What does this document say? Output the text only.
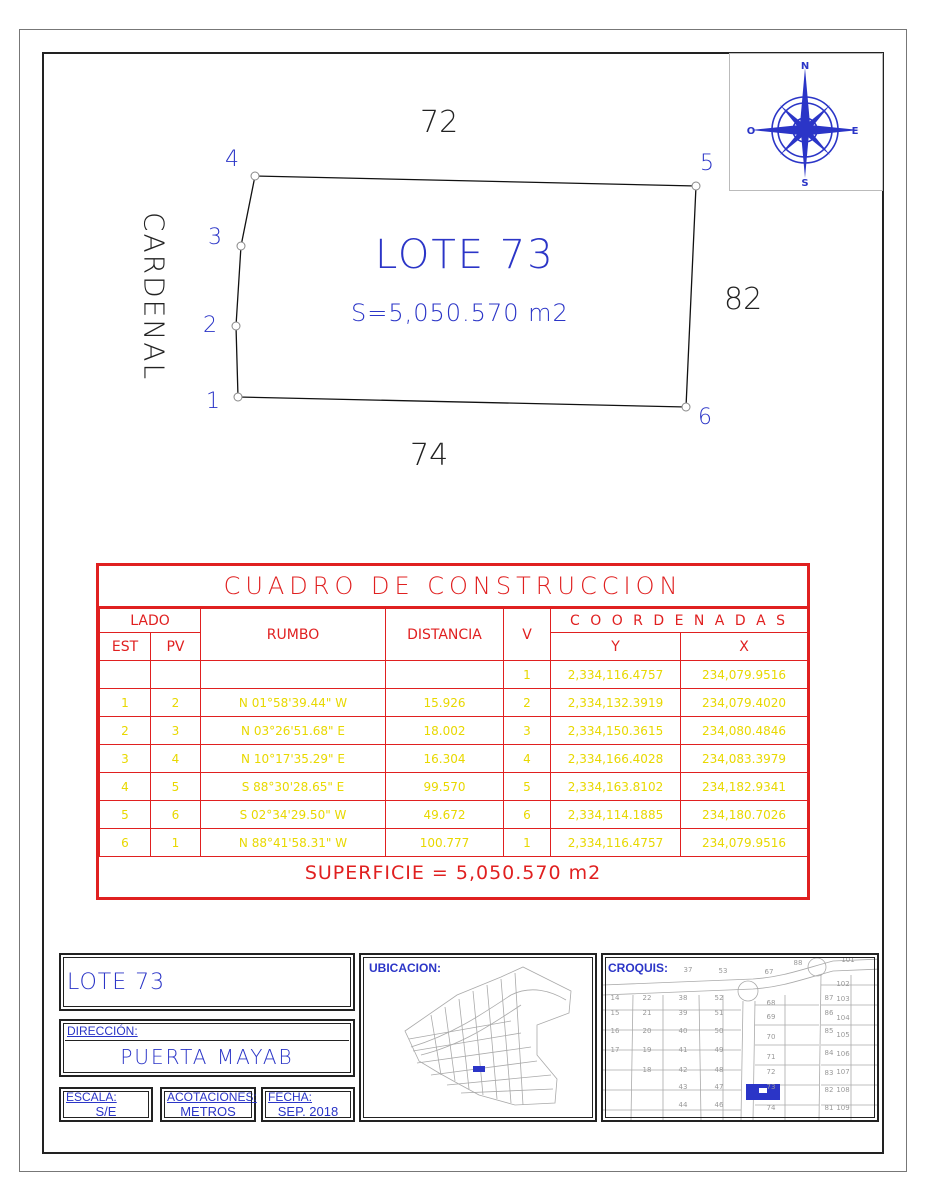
N
S
E
O
72
82
74
CARDENAL	LOTE 73
S=5,050.570 m2
1
2
3
4	5
6
CUADRO DE CONSTRUCCION
LADO		RUMBO	DISTANCIA	V	C O O R D E N A D A S	
EST	PV				Y	X
				1	2,334,116.4757	234,079.9516
1	2	N 01°58'39.44" W	15.926	2	2,334,132.3919	234,079.4020
2	3	N 03°26'51.68" E	18.002	3	2,334,150.3615	234,080.4846
3	4	N 10°17'35.29" E	16.304	4	2,334,166.4028	234,083.3979
4	5	S 88°30'28.65" E	99.570	5	2,334,163.8102	234,182.9341
5	6	S 02°34'29.50" W	49.672	6	2,334,114.1885	234,180.7026
6	1	N 88°41'58.31" W	100.777	1	2,334,116.4757	234,079.9516
SUPERFICIE = 5,050.570 m2
LOTE 73
DIRECCIÓN:
PUERTA MAYAB
ESCALA:
S/E
ACOTACIONES:
METROS
FECHA:
SEP. 2018
UBICACION:	CROQUIS: 37	53	67
88	101
14	22	38	52
68
87
102
103
15	21	39	51	69	86
104
16	20	40	50
70
85 105
17	19	41	49
71	84 106
18	42	48	72	83 107
43	47	73	82 108
44	46	74	81 109
